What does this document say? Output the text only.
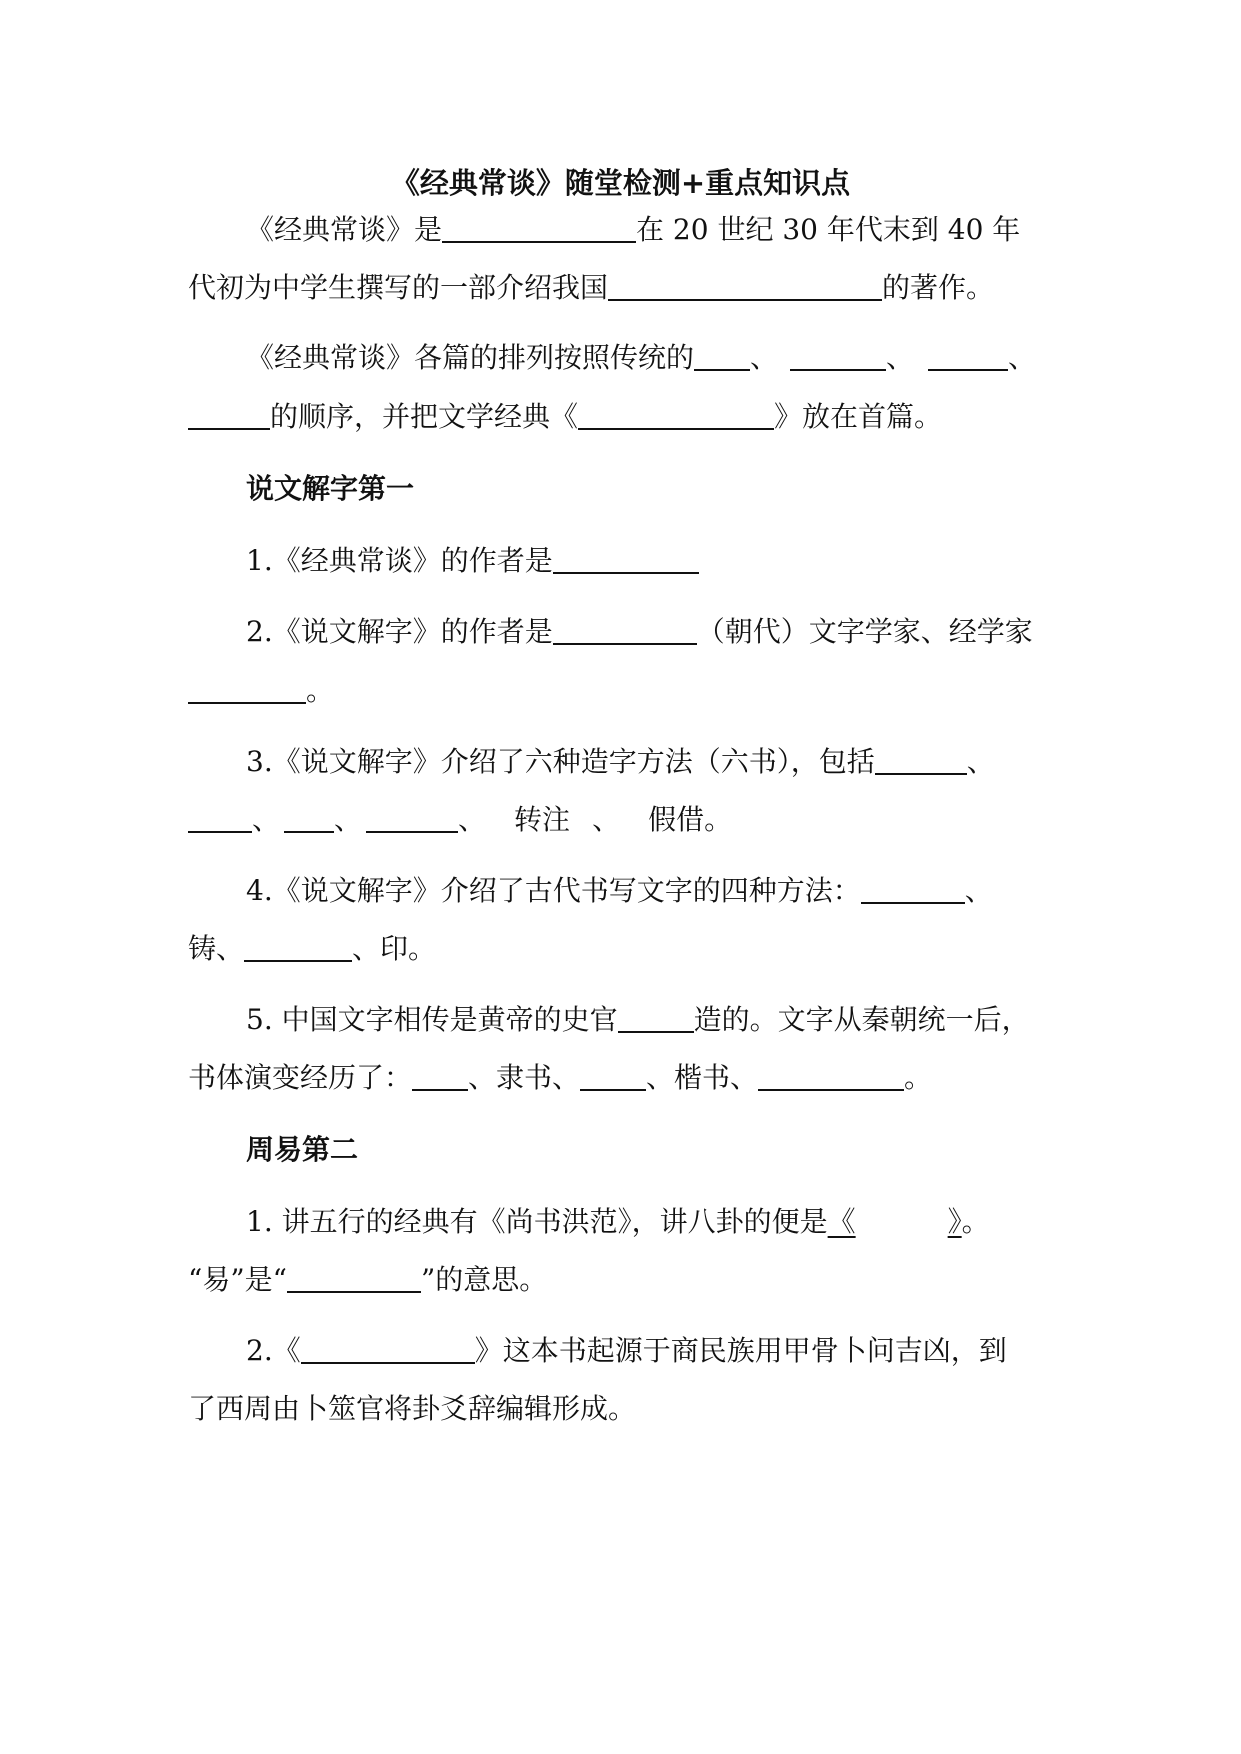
《经典常谈》随堂检测+重点知识点
《经典常谈》是	在 20 世纪 30 年代末到 40 年
代初为中学生撰写的一部介绍我国	的著作。
《经典常谈》各篇的排列按照传统的 、	、	、
的顺序，并把文学经典《	》放在首篇。
说文解字第一
1.《经典常谈》的作者是
2.《说文解字》的作者是	（朝代）文字学家、经学家
。
3.《说文解字》介绍了六种造字方法（六书），包括	、
、 、	、 转注 、 假借。
4.《说文解字》介绍了古代书写文字的四种方法：	、
铸、	、印。
5. 中国文字相传是黄帝的史官	造的。文字从秦朝统一后，
书体演变经历了： 、隶书、 、楷书、	。
周易第二
1. 讲五行的经典有《尚书洪范》，讲八卦的便是《	》。
“易”是“	”的意思。
2.《	》这本书起源于商民族用甲骨卜问吉凶，到
了西周由卜筮官将卦爻辞编辑形成。
